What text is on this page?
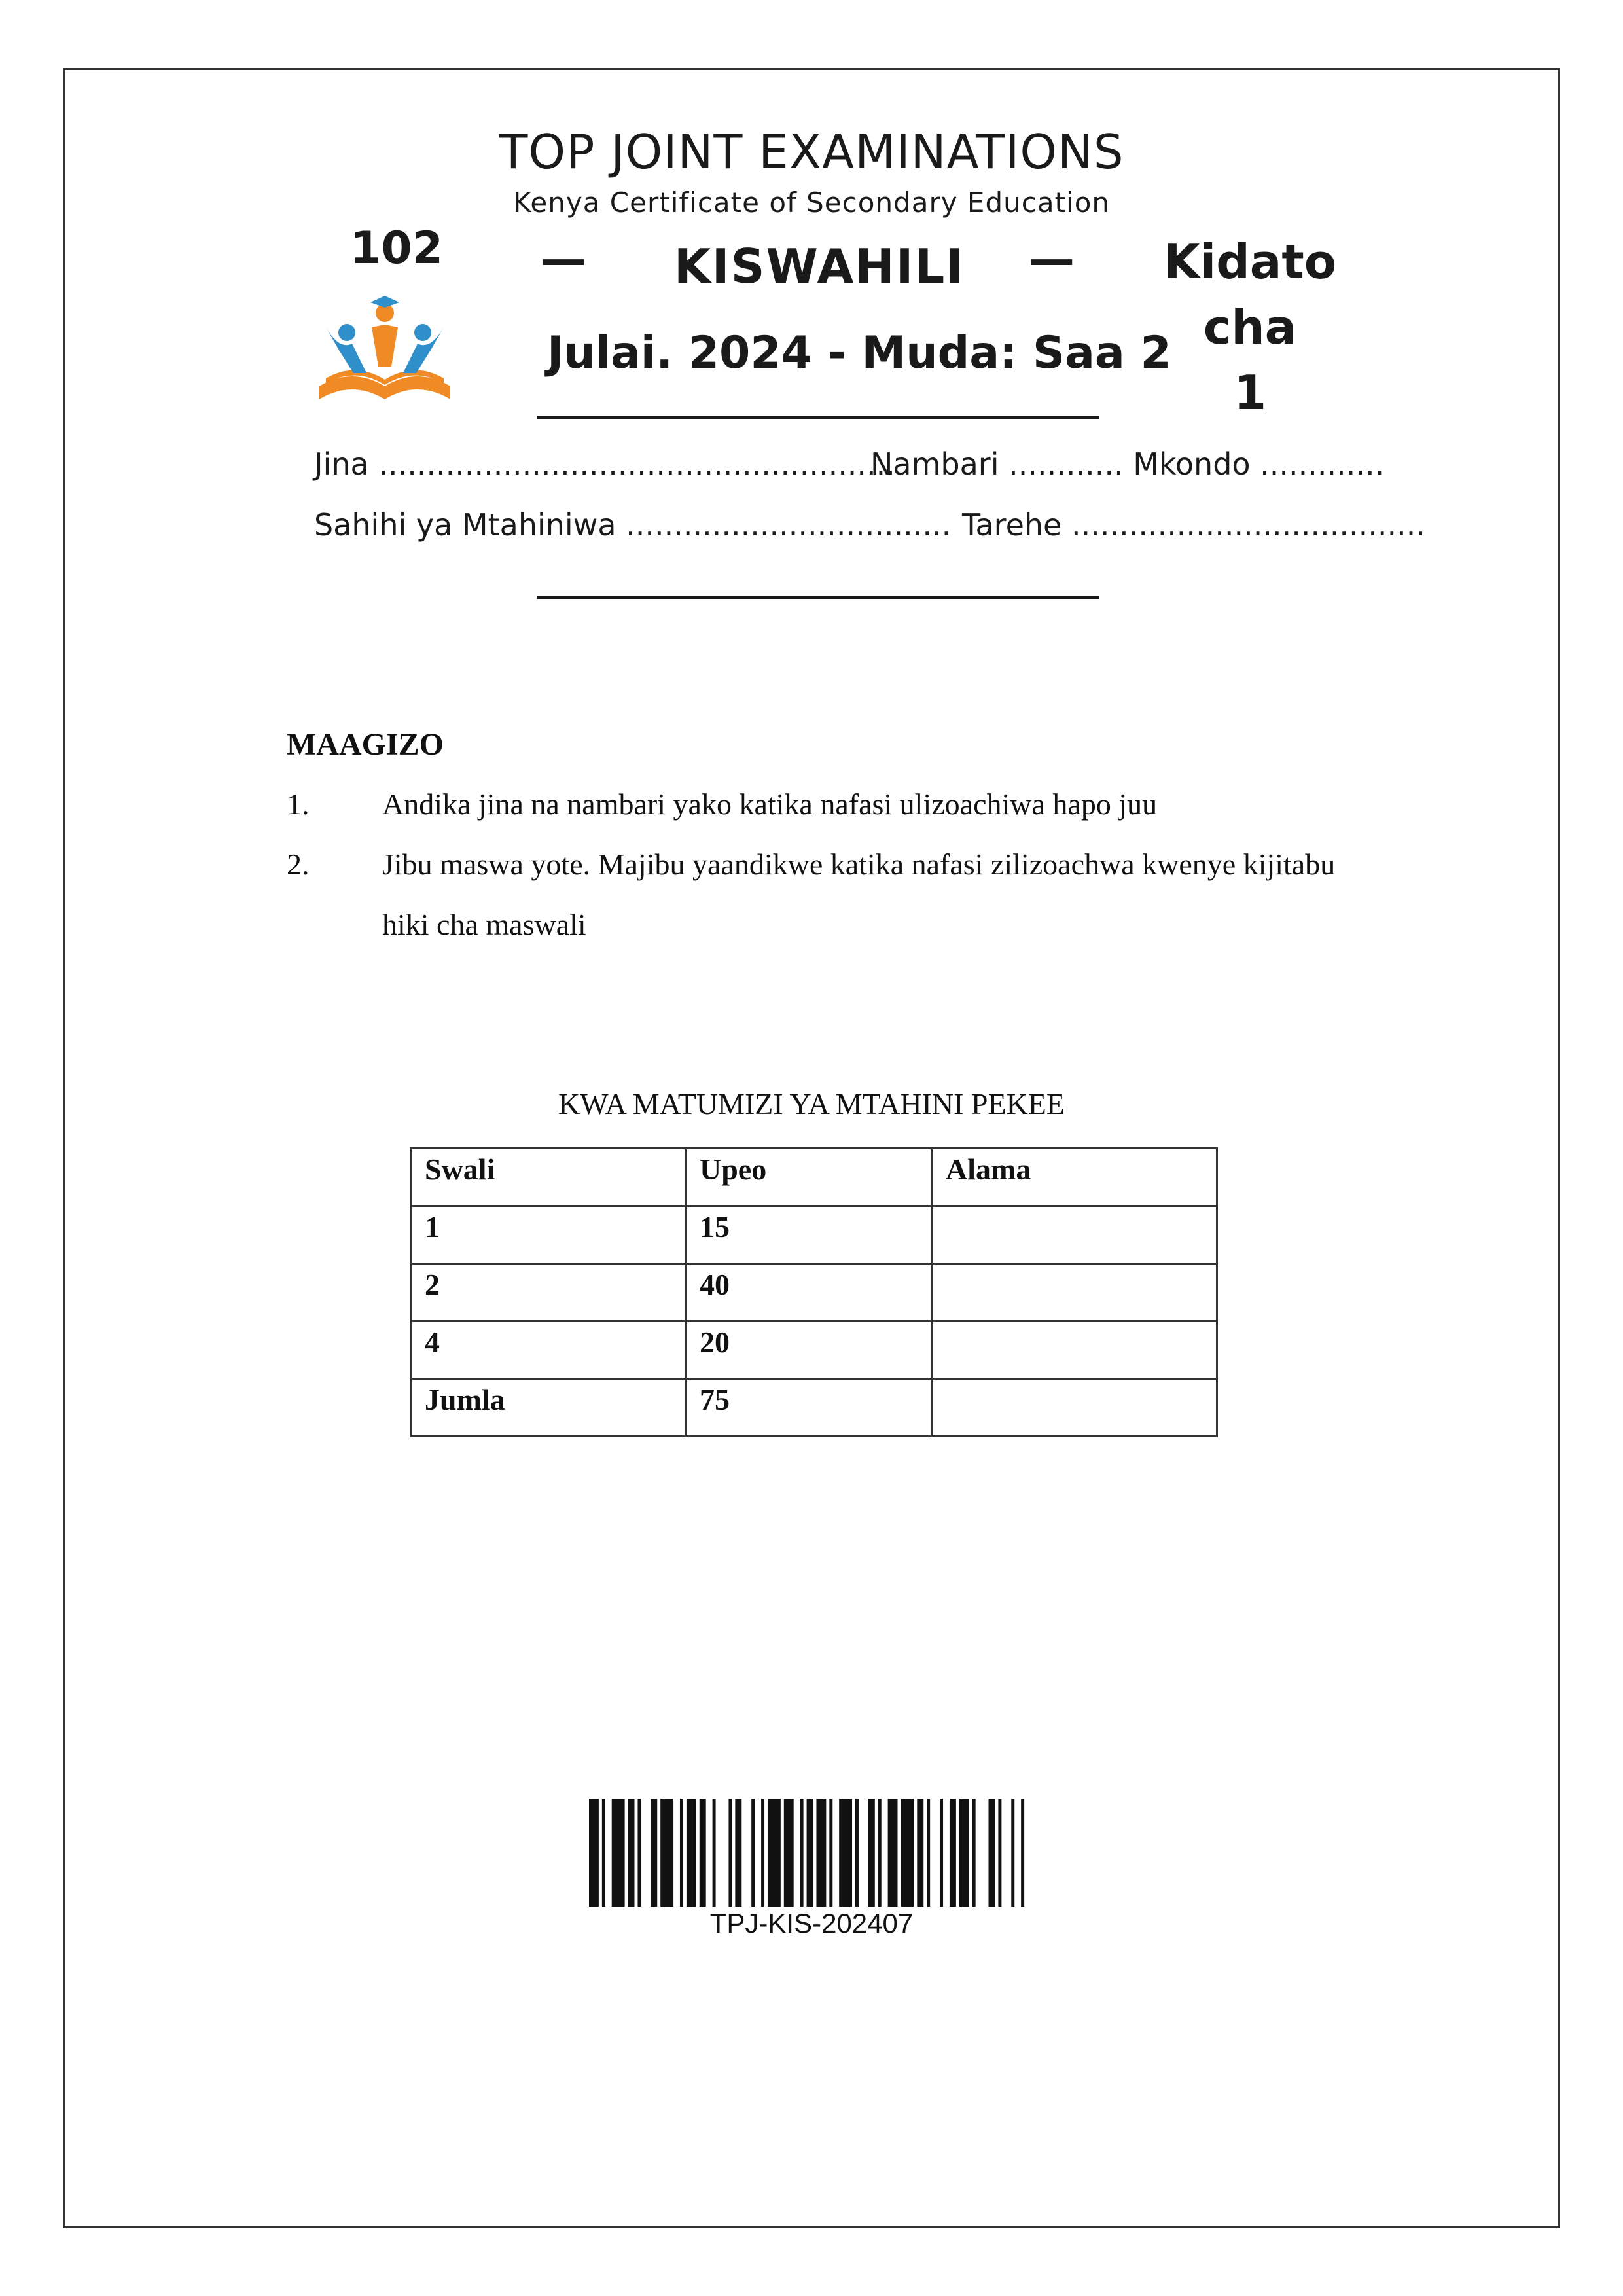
TOP JOINT EXAMINATIONS
Kenya Certificate of Secondary Education
102 — KISWAHILI —	Kidato cha
1
Julai. 2024 - Muda: Saa 2
Jina ......................................................
Nambari ............ Mkondo .............
Sahihi ya Mtahiniwa .................................. Tarehe .....................................
MAAGIZO
1. Andika jina na nambari yako katika nafasi ulizoachiwa hapo juu
2. Jibu maswa yote. Majibu yaandikwe katika nafasi zilizoachwa kwenye kijitabu
hiki cha maswali
KWA MATUMIZI YA MTAHINI PEKEE
Swali	Upeo	Alama
1	15	
2	40	
4	20	
Jumla	75	
TPJ-KIS-202407
